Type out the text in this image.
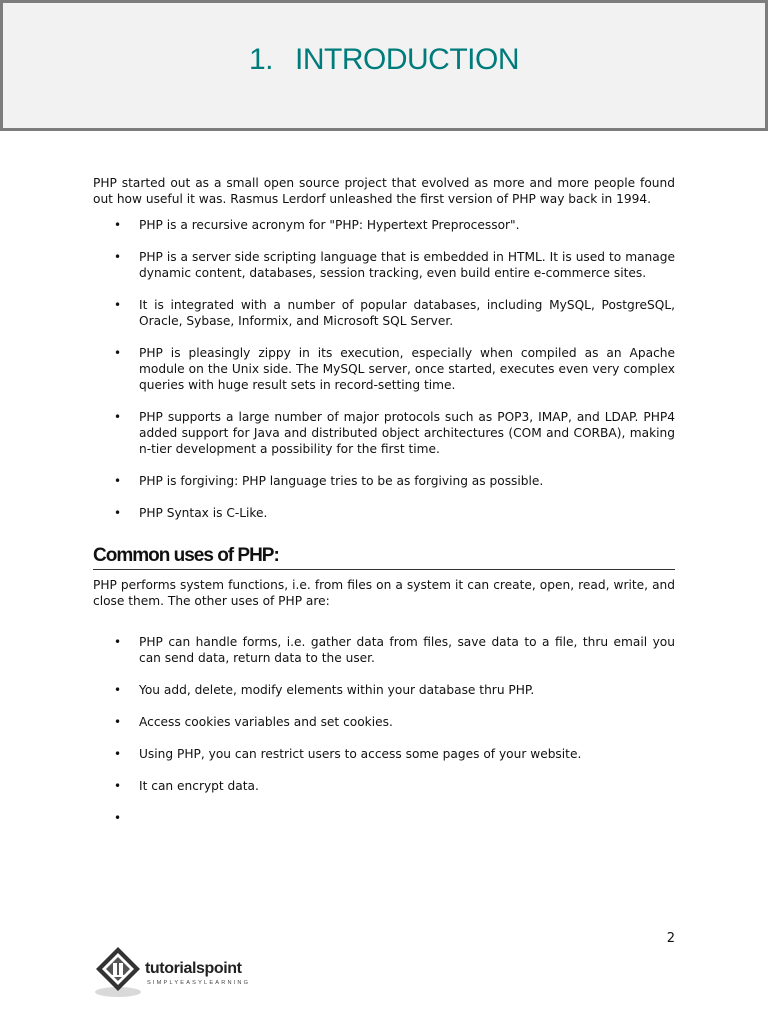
1. INTRODUCTION

PHP started out as a small open source project that evolved as more and more people found out how useful it was. Rasmus Lerdorf unleashed the first version of PHP way back in 1994.

• PHP is a recursive acronym for "PHP: Hypertext Preprocessor".
• PHP is a server side scripting language that is embedded in HTML. It is used to manage dynamic content, databases, session tracking, even build entire e-commerce sites.
• It is integrated with a number of popular databases, including MySQL, PostgreSQL, Oracle, Sybase, Informix, and Microsoft SQL Server.
• PHP is pleasingly zippy in its execution, especially when compiled as an Apache module on the Unix side. The MySQL server, once started, executes even very complex queries with huge result sets in record-setting time.
• PHP supports a large number of major protocols such as POP3, IMAP, and LDAP. PHP4 added support for Java and distributed object architectures (COM and CORBA), making n-tier development a possibility for the first time.
• PHP is forgiving: PHP language tries to be as forgiving as possible.
• PHP Syntax is C-Like.
Common uses of PHP:

PHP performs system functions, i.e. from files on a system it can create, open, read, write, and close them. The other uses of PHP are:

• PHP can handle forms, i.e. gather data from files, save data to a file, thru email you can send data, return data to the user.
• You add, delete, modify elements within your database thru PHP.
• Access cookies variables and set cookies.
• Using PHP, you can restrict users to access some pages of your website.
• It can encrypt data.
•
2
tutorialspoint
SIMPLYEASYLEARNING
